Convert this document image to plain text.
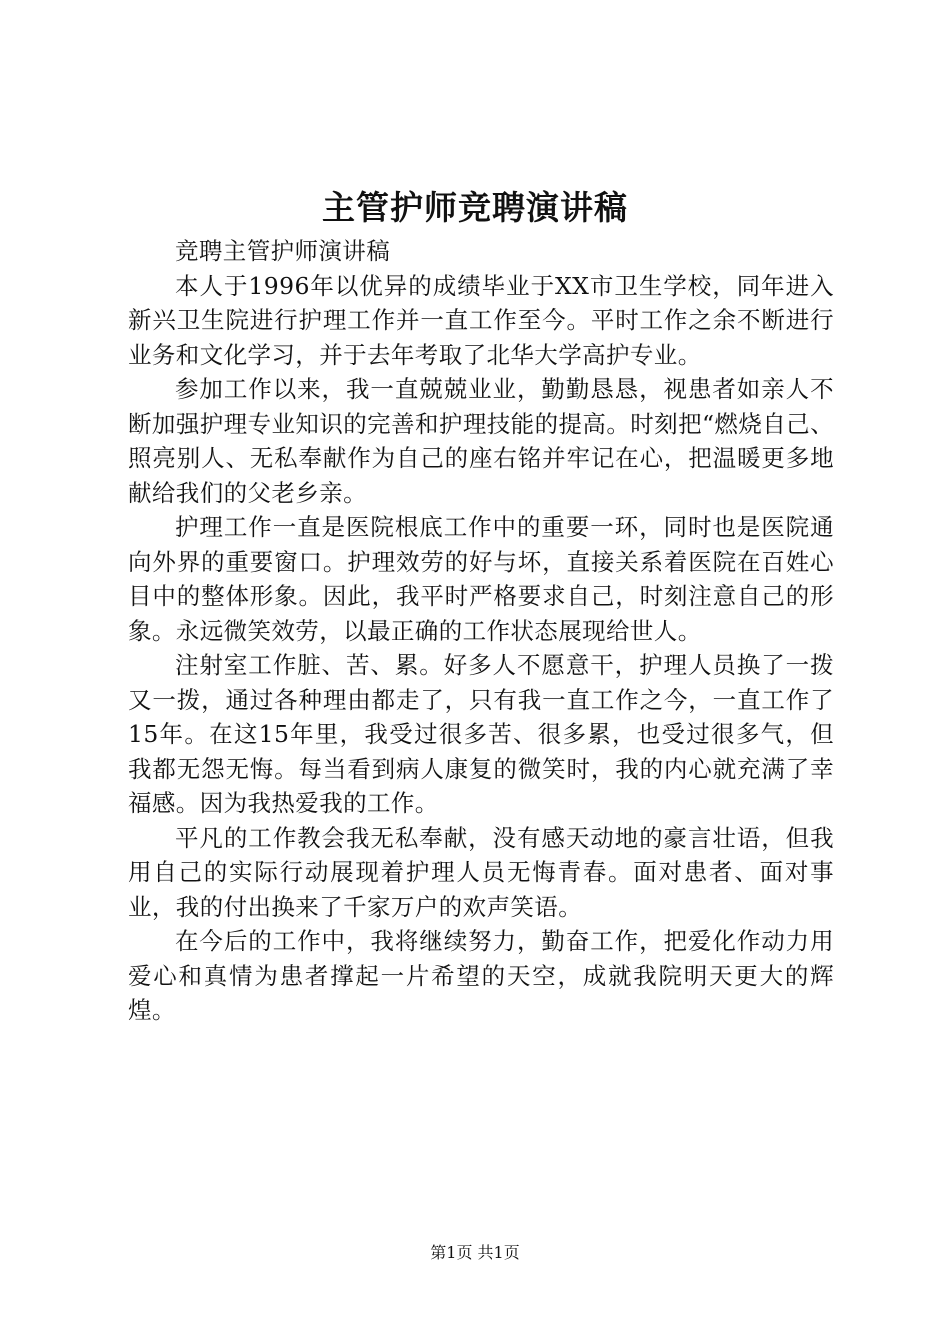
主管护师竞聘演讲稿

竞聘主管护师演讲稿

本人于1996年以优异的成绩毕业于XX市卫生学校，同年进入新兴卫生院进行护理工作并一直工作至今。平时工作之余不断进行业务和文化学习，并于去年考取了北华大学高护专业。

参加工作以来，我一直兢兢业业，勤勤恳恳，视患者如亲人不断加强护理专业知识的完善和护理技能的提高。时刻把“燃烧自己、照亮别人、无私奉献作为自己的座右铭并牢记在心，把温暖更多地献给我们的父老乡亲。

护理工作一直是医院根底工作中的重要一环，同时也是医院通向外界的重要窗口。护理效劳的好与坏，直接关系着医院在百姓心目中的整体形象。因此，我平时严格要求自己，时刻注意自己的形象。永远微笑效劳，以最正确的工作状态展现给世人。

注射室工作脏、苦、累。好多人不愿意干，护理人员换了一拨又一拨，通过各种理由都走了，只有我一直工作之今，一直工作了15年。在这15年里，我受过很多苦、很多累，也受过很多气，但我都无怨无悔。每当看到病人康复的微笑时，我的内心就充满了幸福感。因为我热爱我的工作。

平凡的工作教会我无私奉献，没有感天动地的豪言壮语，但我用自己的实际行动展现着护理人员无悔青春。面对患者、面对事业，我的付出换来了千家万户的欢声笑语。

在今后的工作中，我将继续努力，勤奋工作，把爱化作动力用爱心和真情为患者撑起一片希望的天空，成就我院明天更大的辉煌。

第1页 共1页
